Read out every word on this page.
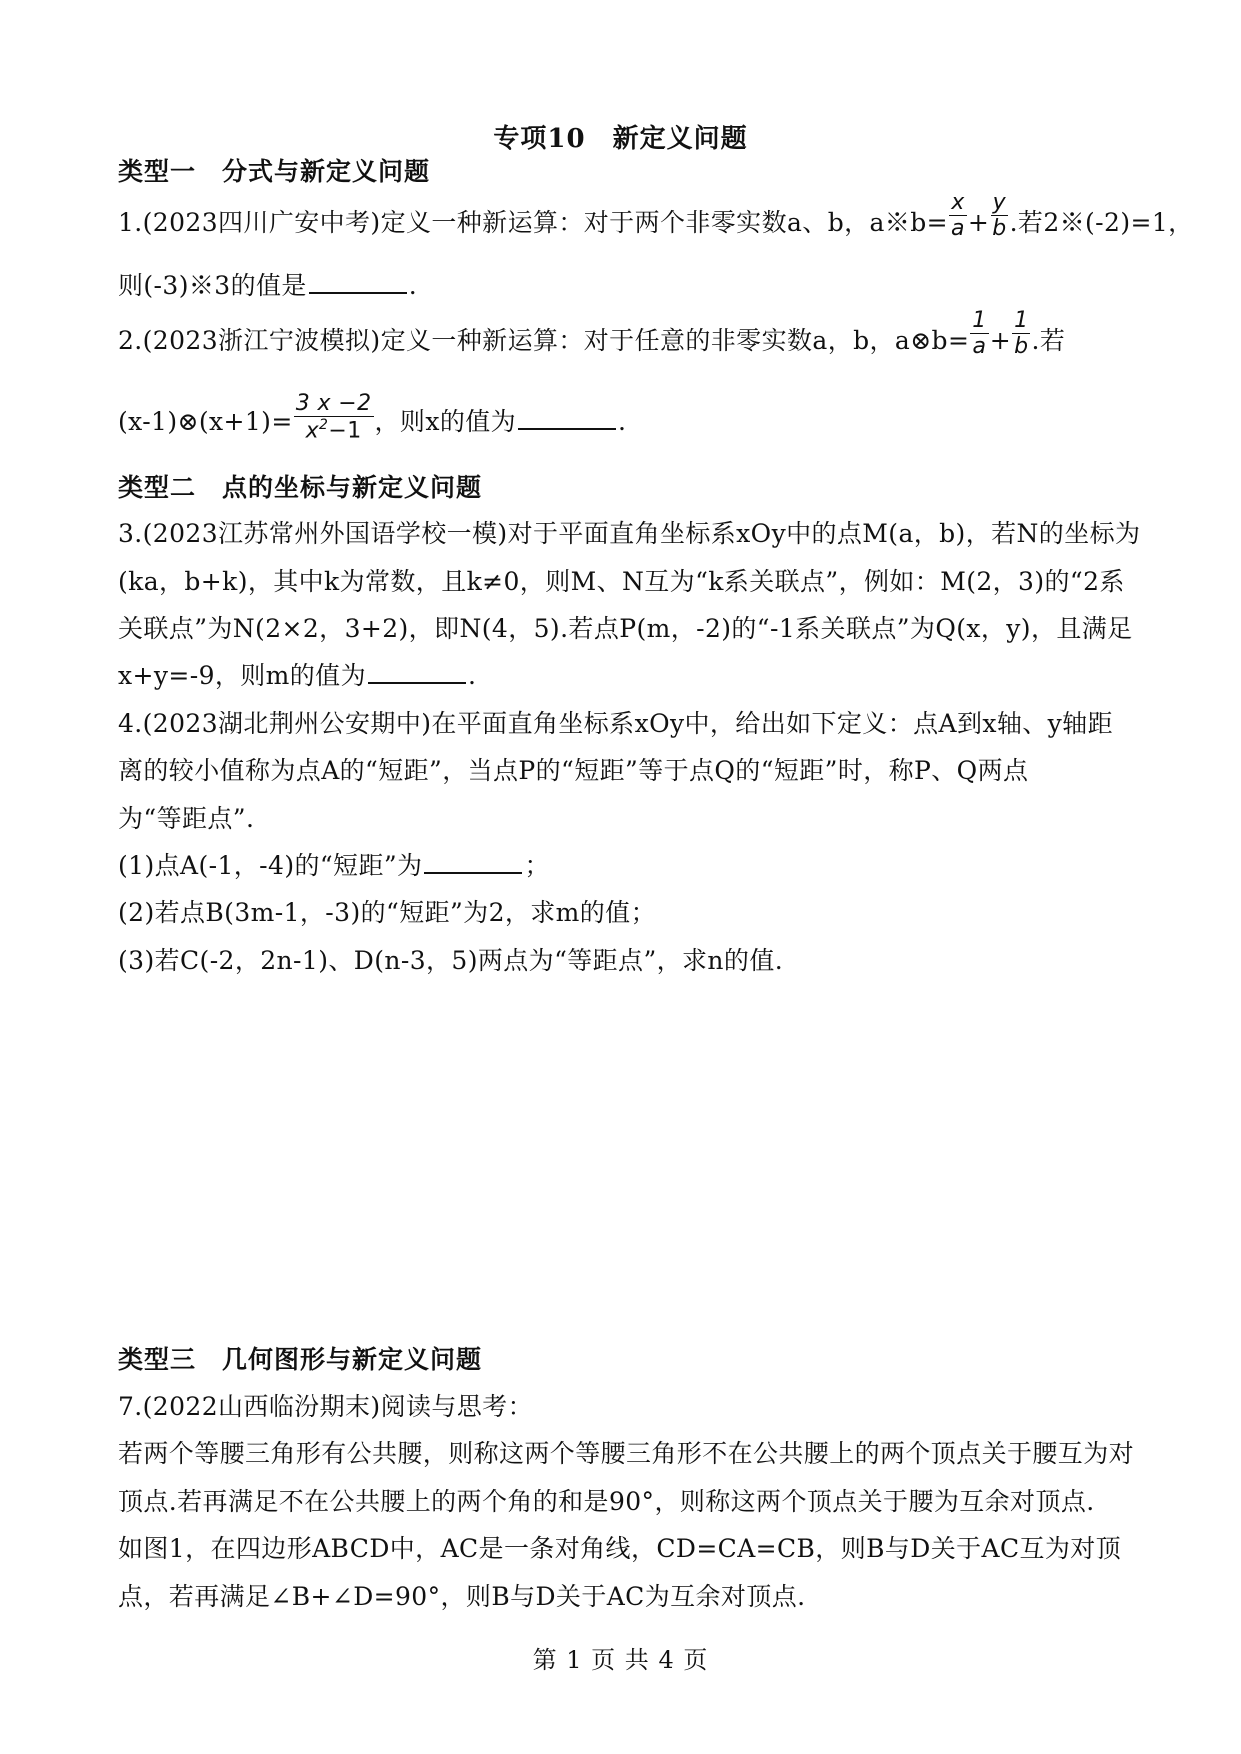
专项10　新定义问题
类型一　分式与新定义问题
1.(2023四川广安中考)定义一种新运算：对于两个非零实数a、b，a※b= $\frac{x}{a} + \frac{y}{b}$ .若2※(-2)=1，
则(-3)※3的值是	.
2.(2023浙江宁波模拟)定义一种新运算：对于任意的非零实数a，b，a⊗b= $\frac{1}{a} + \frac{1}{b}$ .若
(x-1)⊗(x+1)= $\frac{3 x -2}{x^2-1}$ ，则x的值为	.
类型二　点的坐标与新定义问题
3.(2023江苏常州外国语学校一模)对于平面直角坐标系xOy中的点M(a，b)，若N的坐标为
(ka，b+k)，其中k为常数，且k≠0，则M、N互为“k系关联点”，例如：M(2，3)的“2系
关联点”为N(2×2，3+2)，即N(4，5).若点P(m，-2)的“-1系关联点”为Q(x，y)，且满足
x+y=-9，则m的值为	.
4.(2023湖北荆州公安期中)在平面直角坐标系xOy中，给出如下定义：点A到x轴、y轴距
离的较小值称为点A的“短距”，当点P的“短距”等于点Q的“短距”时，称P、Q两点
为“等距点”.
(1)点A(-1，-4)的“短距”为	；
(2)若点B(3m-1，-3)的“短距”为2，求m的值；
(3)若C(-2，2n-1)、D(n-3，5)两点为“等距点”，求n的值.
类型三　几何图形与新定义问题
7.(2022山西临汾期末)阅读与思考：
若两个等腰三角形有公共腰，则称这两个等腰三角形不在公共腰上的两个顶点关于腰互为对
顶点.若再满足不在公共腰上的两个角的和是90°，则称这两个顶点关于腰为互余对顶点.
如图1，在四边形ABCD中，AC是一条对角线，CD=CA=CB，则B与D关于AC互为对顶
点，若再满足∠B+∠D=90°，则B与D关于AC为互余对顶点.
第 1 页 共 4 页
